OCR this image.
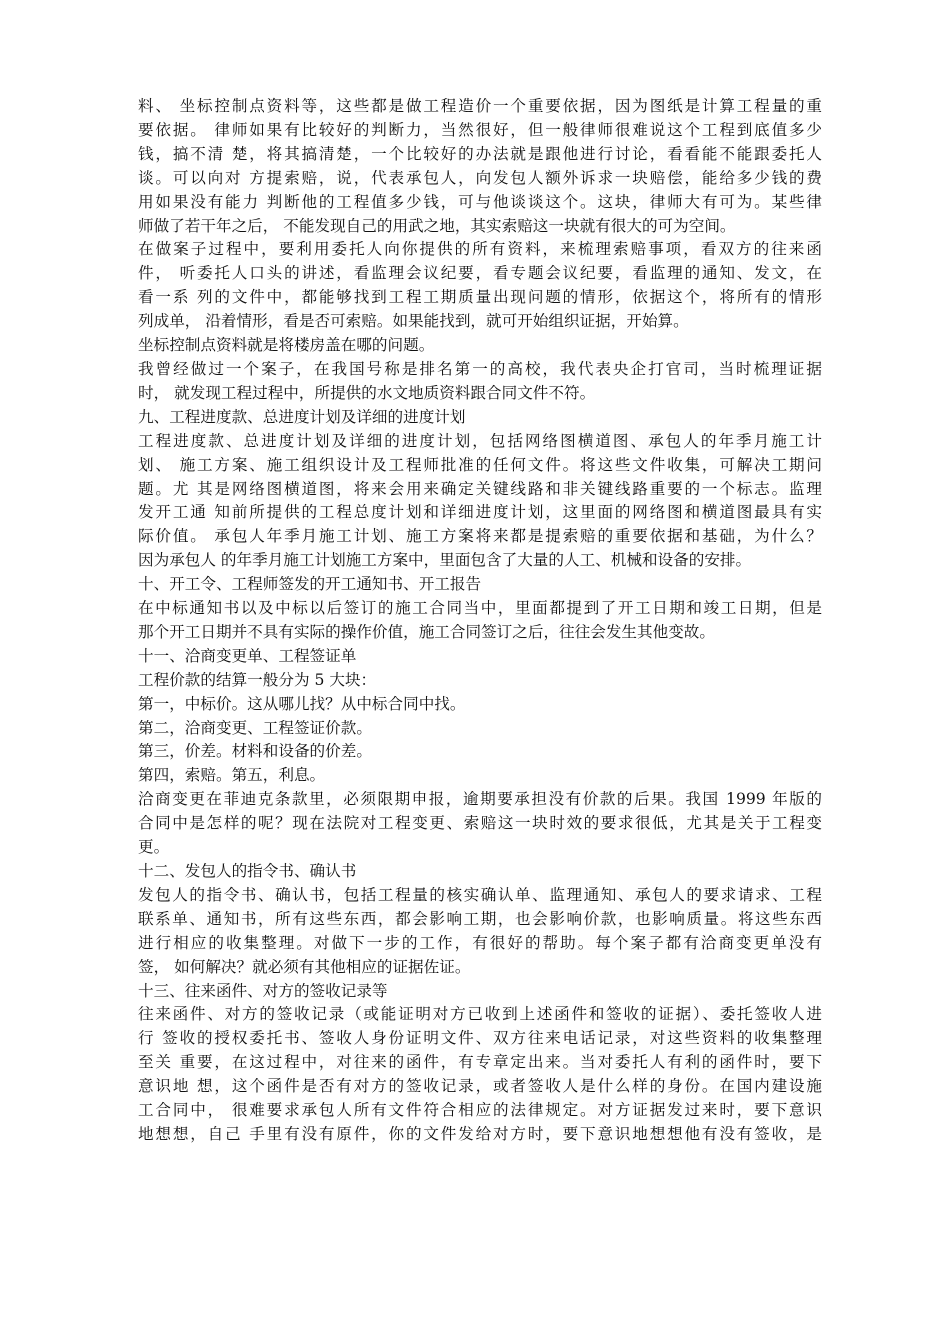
料、 坐标控制点资料等，这些都是做工程造价一个重要依据，因为图纸是计算工程量的重
要依据。 律师如果有比较好的判断力，当然很好，但一般律师很难说这个工程到底值多少
钱，搞不清 楚，将其搞清楚，一个比较好的办法就是跟他进行讨论，看看能不能跟委托人
谈。可以向对 方提索赔，说，代表承包人，向发包人额外诉求一块赔偿，能给多少钱的费
用如果没有能力 判断他的工程值多少钱，可与他谈谈这个。这块，律师大有可为。某些律
师做了若干年之后， 不能发现自己的用武之地，其实索赔这一块就有很大的可为空间。
在做案子过程中，要利用委托人向你提供的所有资料，来梳理索赔事项，看双方的往来函
件， 听委托人口头的讲述，看监理会议纪要，看专题会议纪要，看监理的通知、发文，在
看一系 列的文件中，都能够找到工程工期质量出现问题的情形，依据这个，将所有的情形
列成单， 沿着情形，看是否可索赔。如果能找到，就可开始组织证据，开始算。
坐标控制点资料就是将楼房盖在哪的问题。
我曾经做过一个案子，在我国号称是排名第一的高校，我代表央企打官司，当时梳理证据
时， 就发现工程过程中，所提供的水文地质资料跟合同文件不符。
九、工程进度款、总进度计划及详细的进度计划
工程进度款、总进度计划及详细的进度计划，包括网络图横道图、承包人的年季月施工计
划、 施工方案、施工组织设计及工程师批准的任何文件。将这些文件收集，可解决工期问
题。尤 其是网络图横道图，将来会用来确定关键线路和非关键线路重要的一个标志。监理
发开工通 知前所提供的工程总度计划和详细进度计划，这里面的网络图和横道图最具有实
际价值。 承包人年季月施工计划、施工方案将来都是提索赔的重要依据和基础，为什么？
因为承包人 的年季月施工计划施工方案中，里面包含了大量的人工、机械和设备的安排。
十、开工令、工程师签发的开工通知书、开工报告
在中标通知书以及中标以后签订的施工合同当中，里面都提到了开工日期和竣工日期，但是
那个开工日期并不具有实际的操作价值，施工合同签订之后，往往会发生其他变故。
十一、洽商变更单、工程签证单
工程价款的结算一般分为 5 大块：
第一，中标价。这从哪儿找？从中标合同中找。
第二，洽商变更、工程签证价款。
第三，价差。材料和设备的价差。
第四，索赔。第五，利息。
洽商变更在菲迪克条款里，必须限期申报，逾期要承担没有价款的后果。我国 1999 年版的
合同中是怎样的呢？现在法院对工程变更、索赔这一块时效的要求很低，尤其是关于工程变
更。
十二、发包人的指令书、确认书
发包人的指令书、确认书，包括工程量的核实确认单、监理通知、承包人的要求请求、工程
联系单、通知书，所有这些东西，都会影响工期，也会影响价款，也影响质量。将这些东西
进行相应的收集整理。对做下一步的工作，有很好的帮助。每个案子都有洽商变更单没有
签， 如何解决？就必须有其他相应的证据佐证。
十三、往来函件、对方的签收记录等
往来函件、对方的签收记录（或能证明对方已收到上述函件和签收的证据）、委托签收人进
行 签收的授权委托书、签收人身份证明文件、双方往来电话记录，对这些资料的收集整理
至关 重要，在这过程中，对往来的函件，有专章定出来。当对委托人有利的函件时，要下
意识地 想，这个函件是否有对方的签收记录，或者签收人是什么样的身份。在国内建设施
工合同中， 很难要求承包人所有文件符合相应的法律规定。对方证据发过来时，要下意识
地想想，自己 手里有没有原件，你的文件发给对方时，要下意识地想想他有没有签收，是
